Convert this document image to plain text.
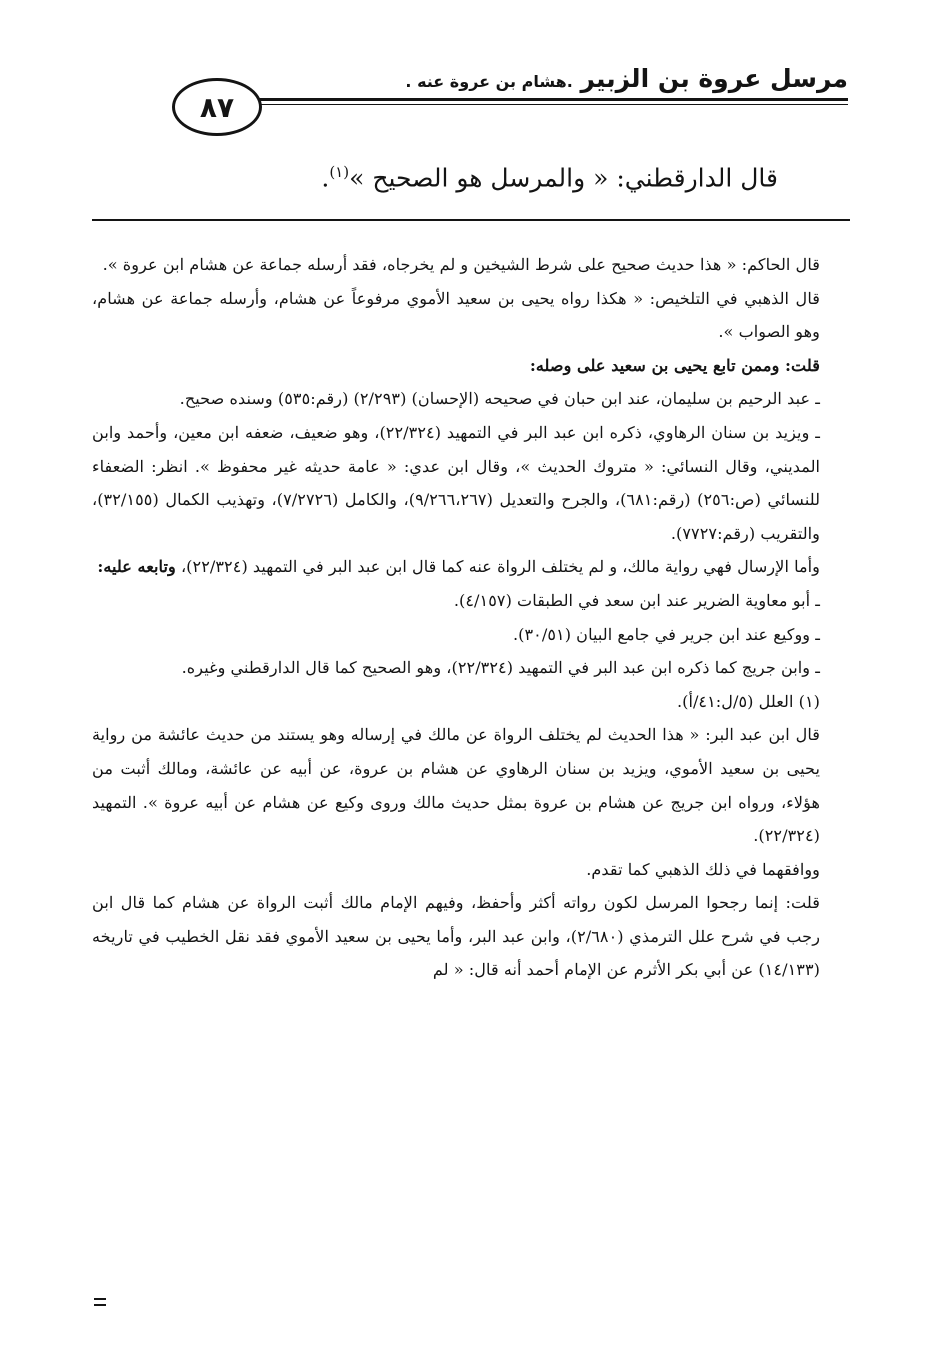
مرسل عروة بن الزبير .هشام بن عروة عنه .
٨٧
قال الدارقطني: « والمرسل هو الصحيح »$^{(١)}$.

قال الحاكم: « هذا حديث صحيح على شرط الشيخين و لم يخرجاه، فقد أرسله جماعة عن هشام ابن عروة ».

قال الذهبي في التلخيص: « هكذا رواه يحيى بن سعيد الأموي مرفوعاً عن هشام، وأرسله جماعة عن هشام، وهو الصواب ».

قلت: وممن تابع يحيى بن سعيد على وصله:

ـ عبد الرحيم بن سليمان، عند ابن حبان في صحيحه (الإحسان) (٢/٢٩٣) (رقم:٥٣٥) وسنده صحيح.

ـ ويزيد بن سنان الرهاوي، ذكره ابن عبد البر في التمهيد (٢٢/٣٢٤)، وهو ضعيف، ضعفه ابن معين، وأحمد وابن المديني، وقال النسائي: « متروك الحديث »، وقال ابن عدي: « عامة حديثه غير محفوظ ». انظر: الضعفاء للنسائي (ص:٢٥٦) (رقم:٦٨١)، والجرح والتعديل (٩/٢٦٦،٢٦٧)، والكامل (٧/٢٧٢٦)، وتهذيب الكمال (٣٢/١٥٥)، والتقريب (رقم:٧٧٢٧).

وأما الإرسال فهي رواية مالك، و لم يختلف الرواة عنه كما قال ابن عبد البر في التمهيد (٢٢/٣٢٤)، وتابعه عليه:

ـ أبو معاوية الضرير عند ابن سعد في الطبقات (٤/١٥٧).

ـ ووكيع عند ابن جرير في جامع البيان (٣٠/٥١).

ـ وابن جريج كما ذكره ابن عبد البر في التمهيد (٢٢/٣٢٤)، وهو الصحيح كما قال الدارقطني وغيره.

(١) العلل (٥/ل:٤١/أ).

قال ابن عبد البر: « هذا الحديث لم يختلف الرواة عن مالك في إرساله وهو يستند من حديث عائشة من رواية يحيى بن سعيد الأموي، ويزيد بن سنان الرهاوي عن هشام بن عروة، عن أبيه عن عائشة، ومالك أثبت من هؤلاء، ورواه ابن جريج عن هشام بن عروة بمثل حديث مالك وروى وكيع عن هشام عن أبيه عروة ». التمهيد (٢٢/٣٢٤).

ووافقهما في ذلك الذهبي كما تقدم.

قلت: إنما رجحوا المرسل لكون رواته أكثر وأحفظ، وفيهم الإمام مالك أثبت الرواة عن هشام كما قال ابن رجب في شرح علل الترمذي (٢/٦٨٠)، وابن عبد البر، وأما يحيى بن سعيد الأموي فقد نقل الخطيب في تاريخه (١٤/١٣٣) عن أبي بكر الأثرم عن الإمام أحمد أنه قال: « لم
